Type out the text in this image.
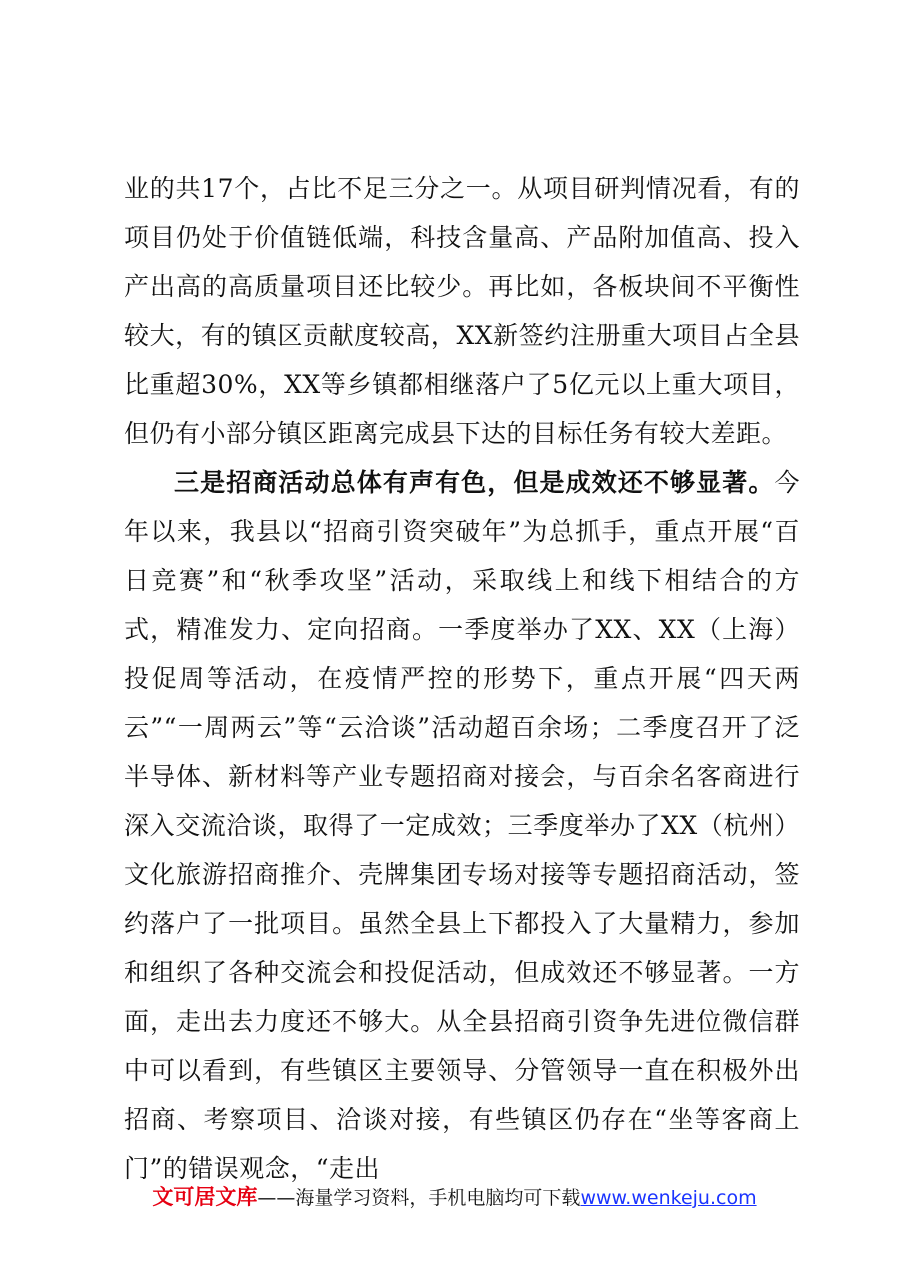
业的共17个，占比不足三分之一。从项目研判情况看，有的项目仍处于价值链低端，科技含量高、产品附加值高、投入产出高的高质量项目还比较少。再比如，各板块间不平衡性较大，有的镇区贡献度较高，XX新签约注册重大项目占全县比重超30%，XX等乡镇都相继落户了5亿元以上重大项目，但仍有小部分镇区距离完成县下达的目标任务有较大差距。

三是招商活动总体有声有色，但是成效还不够显著。今年以来，我县以“招商引资突破年”为总抓手，重点开展“百日竞赛”和“秋季攻坚”活动，采取线上和线下相结合的方式，精准发力、定向招商。一季度举办了XX、XX（上海）投促周等活动，在疫情严控的形势下，重点开展“四天两云”“一周两云”等“云洽谈”活动超百余场；二季度召开了泛半导体、新材料等产业专题招商对接会，与百余名客商进行深入交流洽谈，取得了一定成效；三季度举办了XX（杭州）文化旅游招商推介、壳牌集团专场对接等专题招商活动，签约落户了一批项目。虽然全县上下都投入了大量精力，参加和组织了各种交流会和投促活动，但成效还不够显著。一方面，走出去力度还不够大。从全县招商引资争先进位微信群中可以看到，有些镇区主要领导、分管领导一直在积极外出招商、考察项目、洽谈对接，有些镇区仍存在“坐等客商上门”的错误观念，“走出

文可居文库——海量学习资料，手机电脑均可下载www.wenkeju.com
